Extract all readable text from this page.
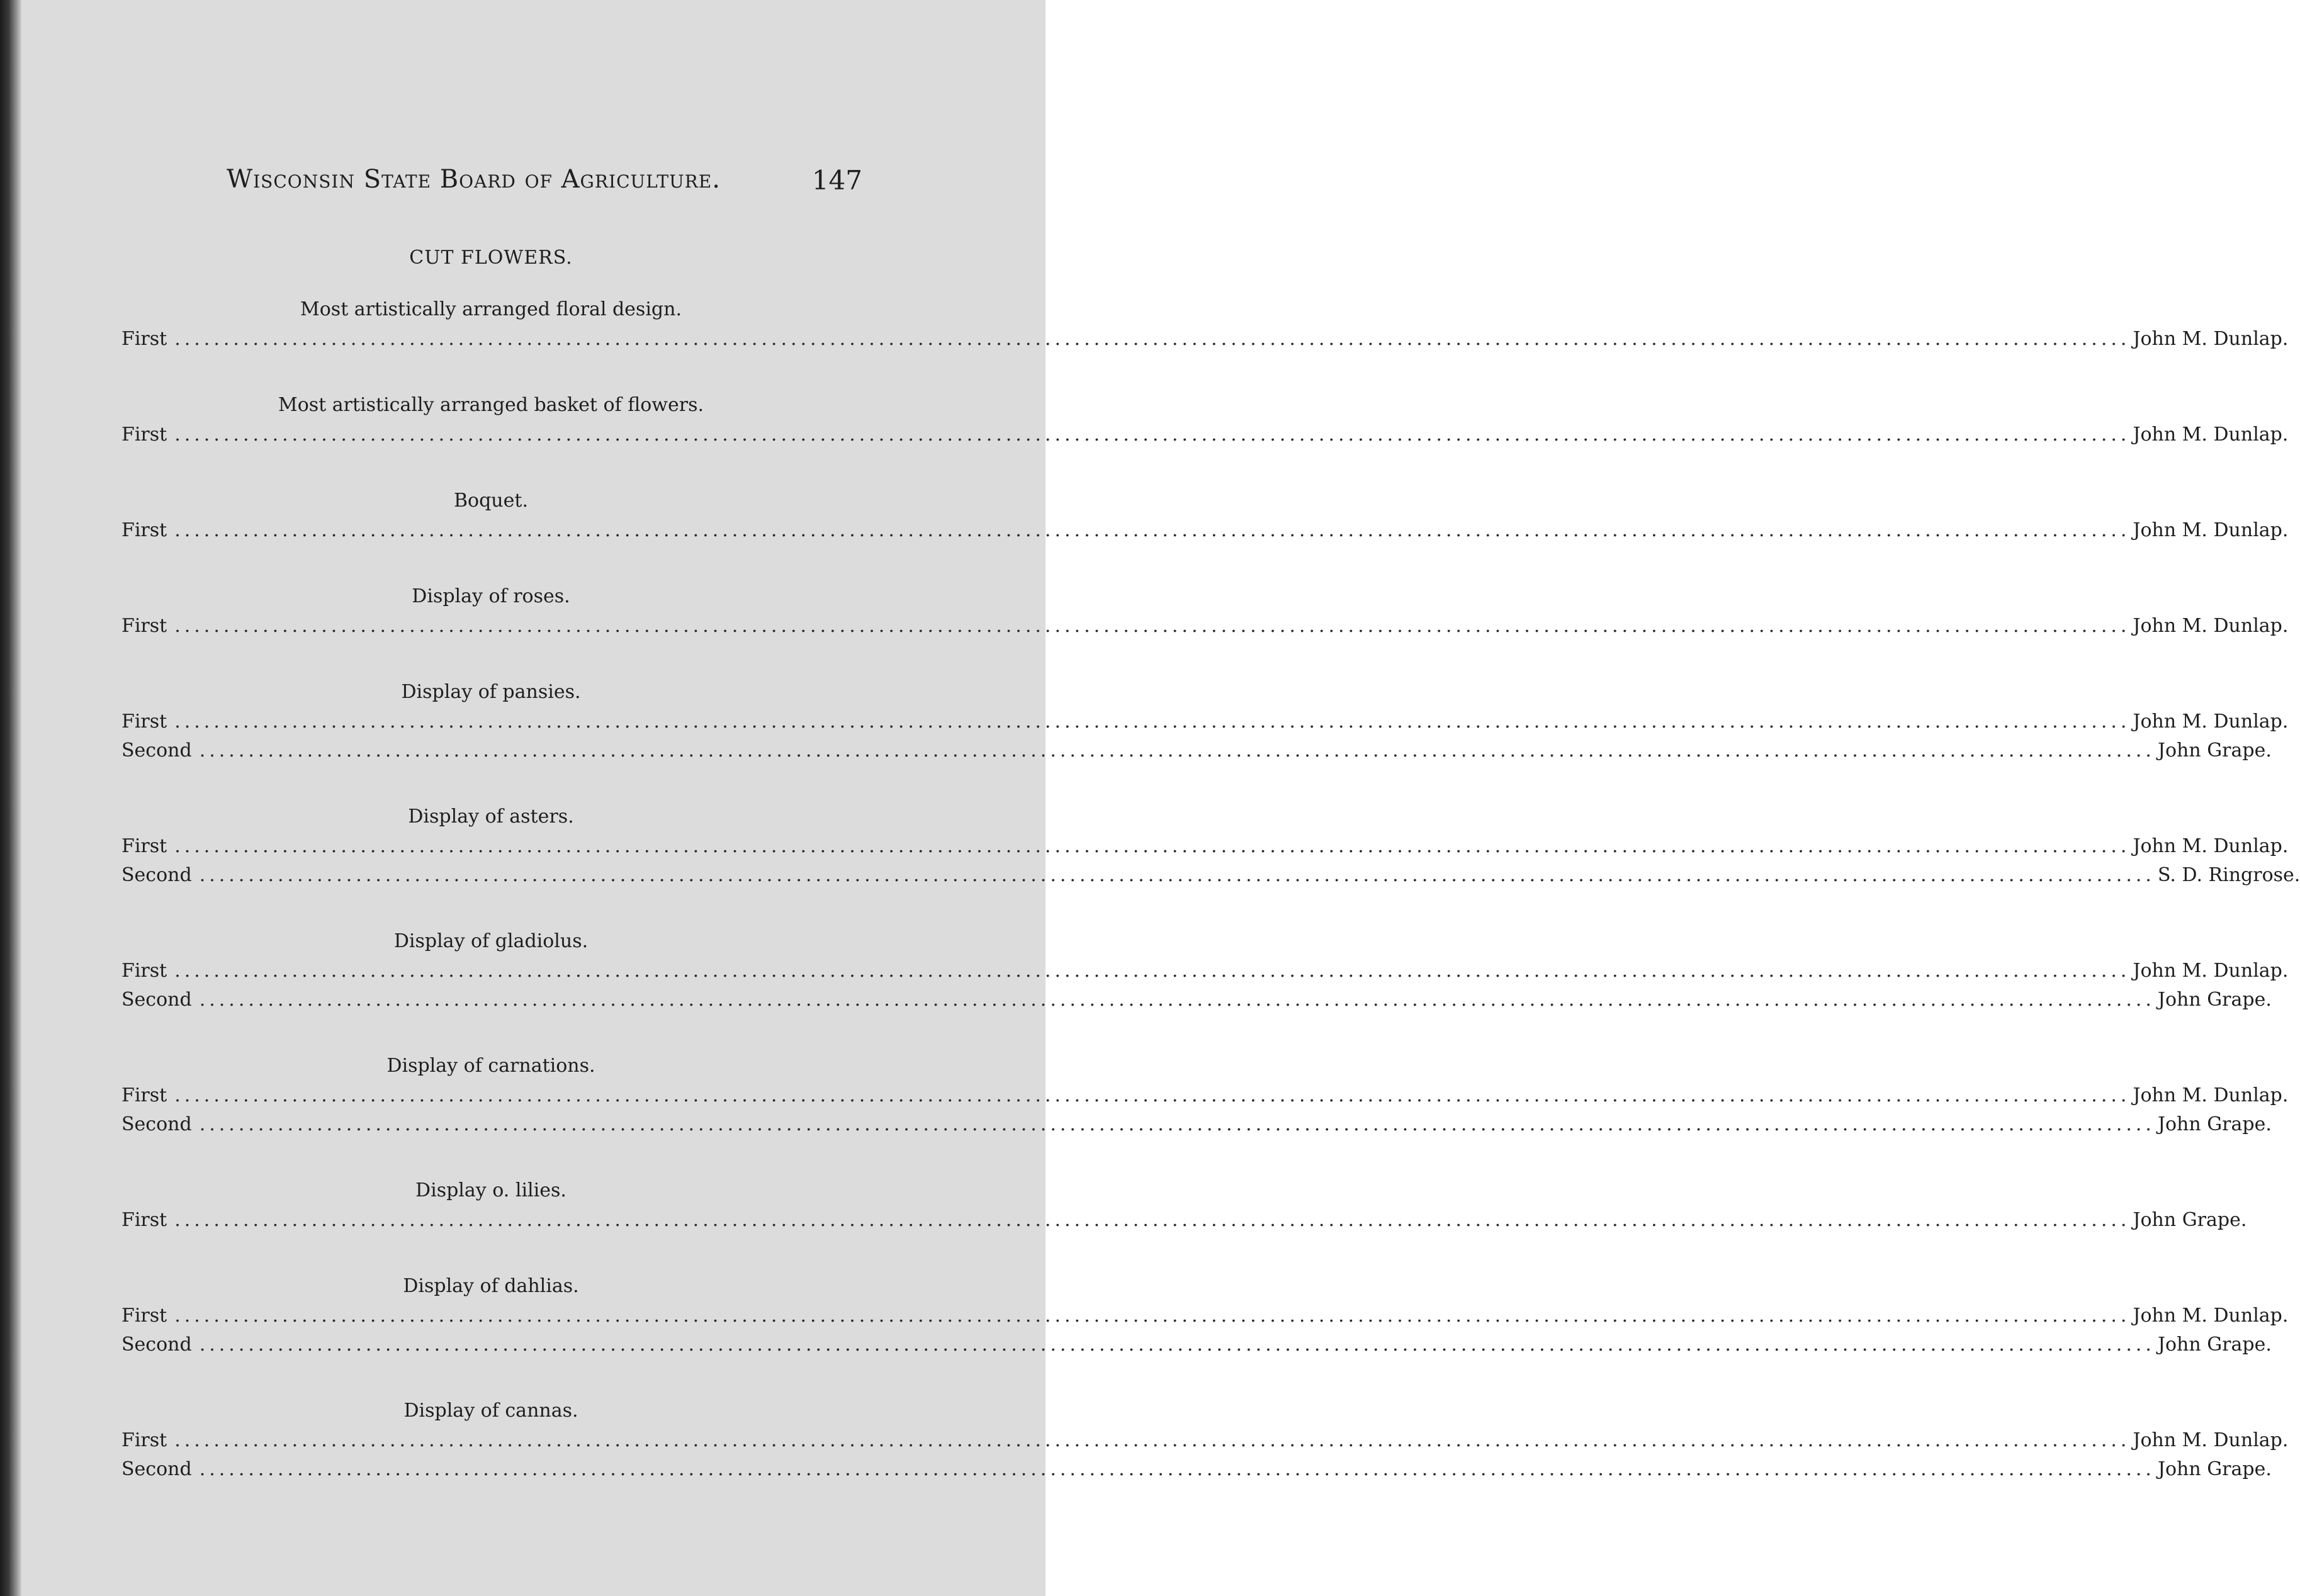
Wisconsin State Board of Agriculture.	147
CUT FLOWERS.
Most artistically arranged floral design.
First ........................................................................................................................................................................................................ John M. Dunlap.
Most artistically arranged basket of flowers.
First ........................................................................................................................................................................................................ John M. Dunlap.
Boquet.
First ........................................................................................................................................................................................................ John M. Dunlap.
Display of roses.
First ........................................................................................................................................................................................................ John M. Dunlap.
Display of pansies.
First ........................................................................................................................................................................................................ John M. Dunlap.
Second ........................................................................................................................................................................................................ John Grape.
Display of asters.
First ........................................................................................................................................................................................................ John M. Dunlap.
Second ........................................................................................................................................................................................................ S. D. Ringrose.
Display of gladiolus.
First ........................................................................................................................................................................................................ John M. Dunlap.
Second ........................................................................................................................................................................................................ John Grape.
Display of carnations.
First ........................................................................................................................................................................................................ John M. Dunlap.
Second ........................................................................................................................................................................................................ John Grape.
Display o. lilies.
First ........................................................................................................................................................................................................ John Grape.
Display of dahlias.
First ........................................................................................................................................................................................................ John M. Dunlap.
Second ........................................................................................................................................................................................................ John Grape.
Display of cannas.
First ........................................................................................................................................................................................................ John M. Dunlap.
Second ........................................................................................................................................................................................................ John Grape.
